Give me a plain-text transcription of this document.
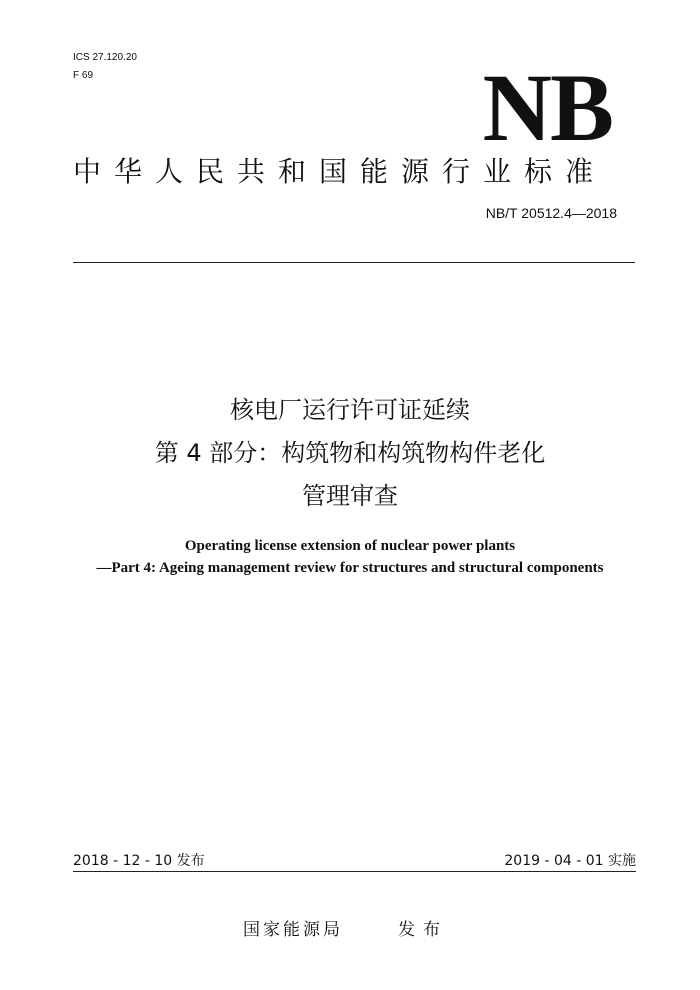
ICS 27.120.20
F 69	NB
中华人民共和国能源行业标准
NB/T 20512.4—2018
核电厂运行许可证延续
第 4 部分：构筑物和构筑物构件老化
管理审查
Operating license extension of nuclear power plants
—Part 4: Ageing management review for structures and structural components
2018 - 12 - 10 发布	2019 - 04 - 01 实施
国家能源局	发布
